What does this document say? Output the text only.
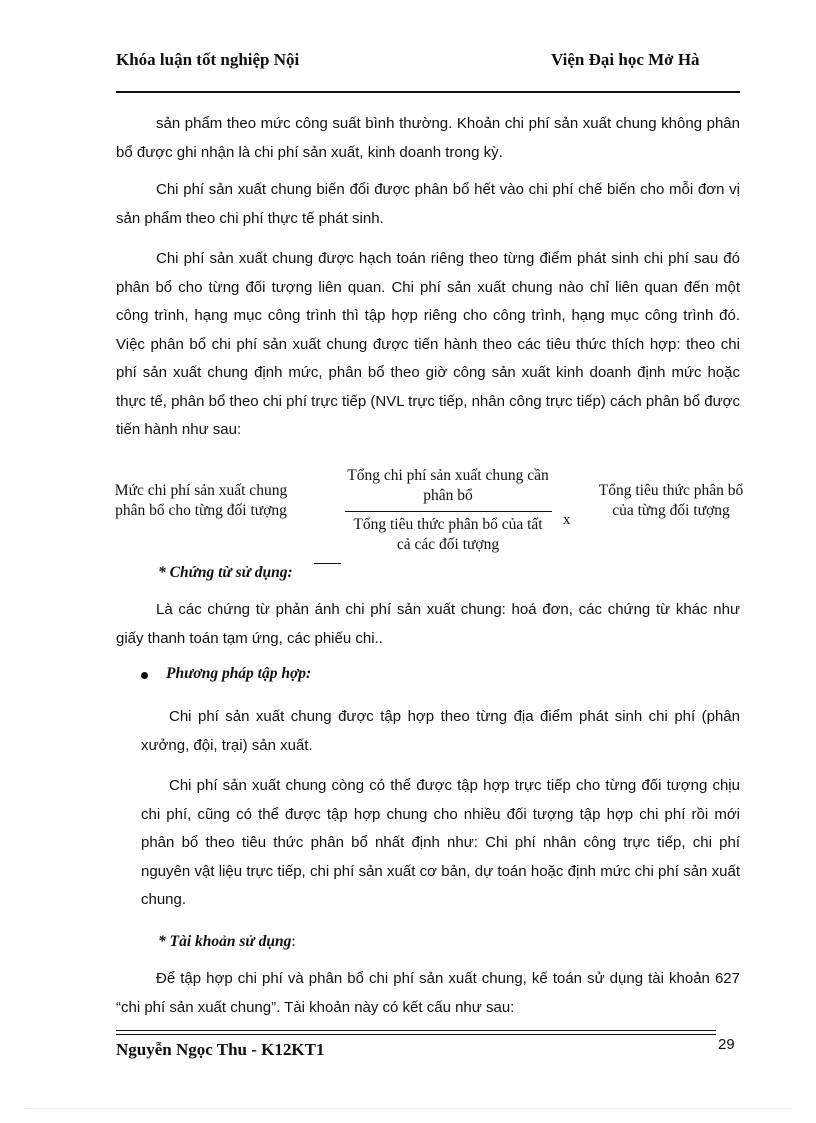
Khóa luận tốt nghiệp Nội	Viện Đại học Mở Hà

sản phẩm theo mức công suất bình thường. Khoản chi phí sản xuất chung không phân bổ được ghi nhận là chi phí sản xuất, kinh doanh trong kỳ.

Chi phí sản xuất chung biến đổi được phân bổ hết vào chi phí chế biến cho mỗi đơn vị sản phẩm theo chi phí thực tế phát sinh.

Chi phí sản xuất chung được hạch toán riêng theo từng điểm phát sinh chi phí sau đó phân bổ cho từng đối tượng liên quan. Chi phí sản xuất chung nào chỉ liên quan đến một công trình, hạng mục công trình thì tập hợp riêng cho công trình, hạng mục công trình đó. Việc phân bổ chi phí sản xuất chung được tiến hành theo các tiêu thức thích hợp: theo chi phí sản xuất chung định mức, phân bổ theo giờ công sản xuất kinh doanh định mức hoặc thực tế, phân bổ theo chi phí trực tiếp (NVL trực tiếp, nhân công trực tiếp) cách phân bổ được tiến hành như sau:

Mức chi phí sản xuất chung phân bổ cho từng đối tượng
Tổng chi phí sản xuất chung cần phân bổ
Tổng tiêu thức phân bổ của tất cả các đối tượng
x
Tổng tiêu thức phân bổ của từng đối tượng
* Chứng từ sử dụng:

Là các chứng từ phản ánh chi phí sản xuất chung: hoá đơn, các chứng từ khác như giấy thanh toán tạm ứng, các phiếu chi..

Phương pháp tập hợp:

Chi phí sản xuất chung được tập hợp theo từng địa điểm phát sinh chi phí (phân xưởng, đội, trại) sản xuất.

Chi phí sản xuất chung còng có thể được tập hợp trực tiếp cho từng đối tượng chịu chi phí, cũng có thể được tập hợp chung cho nhiều đối tượng tập hợp chi phí rồi mới phân bổ theo tiêu thức phân bổ nhất định như: Chi phí nhân công trực tiếp, chi phí nguyên vật liệu trực tiếp, chi phí sản xuất cơ bản, dự toán hoặc định mức chi phí sản xuất chung.

* Tài khoản sử dụng:

Để tập hợp chi phí và phân bổ chi phí sản xuất chung, kế toán sử dụng tài khoản 627 “chi phí sản xuất chung”. Tài khoản này có kết cấu như sau:

Nguyễn Ngọc Thu - K12KT1	29
